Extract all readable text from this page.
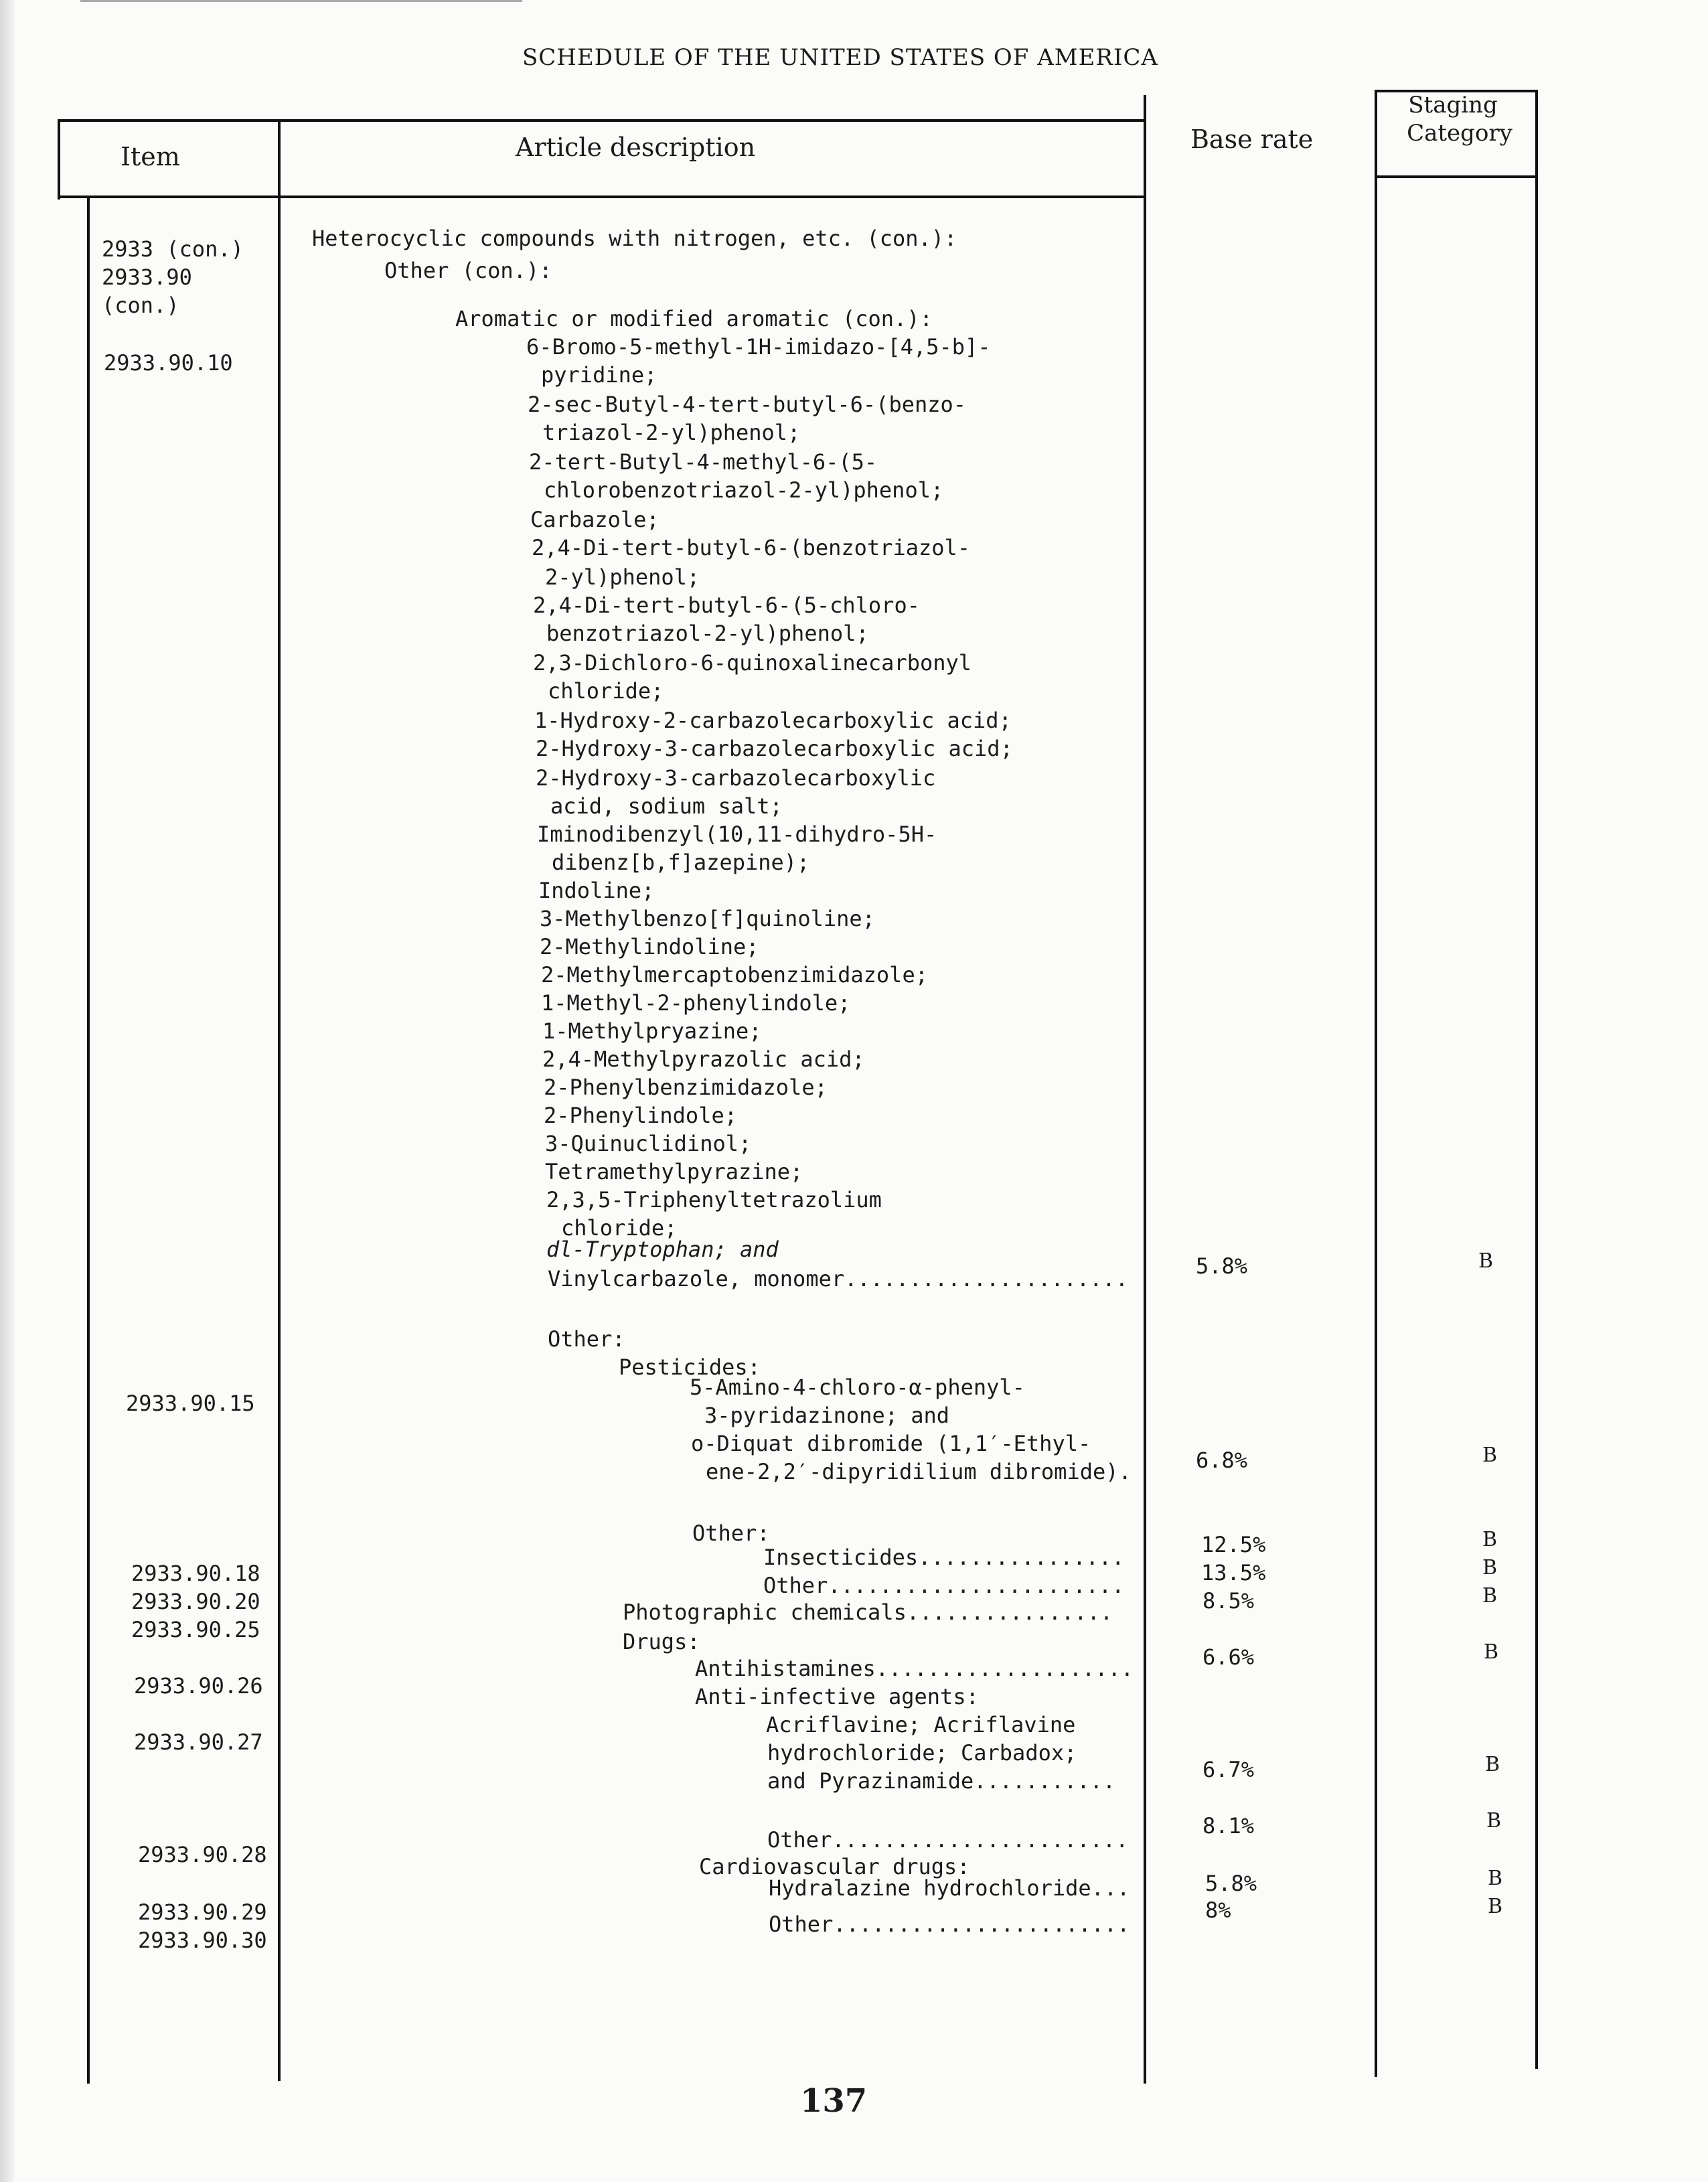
SCHEDULE OF THE UNITED STATES OF AMERICA
Item	Article description	Base rate
Staging
Category
2933 (con.)
2933.90
(con.)
2933.90.10
2933.90.15
2933.90.18
2933.90.20
2933.90.25
2933.90.26
2933.90.27
2933.90.28
2933.90.29
2933.90.30
Heterocyclic compounds with nitrogen, etc. (con.):
Other (con.):
Aromatic or modified aromatic (con.):
6-Bromo-5-methyl-1H-imidazo-[4,5-b]-
pyridine;
2-sec-Butyl-4-tert-butyl-6-(benzo-
triazol-2-yl)phenol;
2-tert-Butyl-4-methyl-6-(5-
chlorobenzotriazol-2-yl)phenol;
Carbazole;
2,4-Di-tert-butyl-6-(benzotriazol-
2-yl)phenol;
2,4-Di-tert-butyl-6-(5-chloro-
benzotriazol-2-yl)phenol;
2,3-Dichloro-6-quinoxalinecarbonyl
chloride;
1-Hydroxy-2-carbazolecarboxylic acid;
2-Hydroxy-3-carbazolecarboxylic acid;
2-Hydroxy-3-carbazolecarboxylic
acid, sodium salt;
Iminodibenzyl(10,11-dihydro-5H-
dibenz[b,f]azepine);
Indoline;
3-Methylbenzo[f]quinoline;
2-Methylindoline;
2-Methylmercaptobenzimidazole;
1-Methyl-2-phenylindole;
1-Methylpryazine;
2,4-Methylpyrazolic acid;
2-Phenylbenzimidazole;
2-Phenylindole;
3-Quinuclidinol;
Tetramethylpyrazine;
2,3,5-Triphenyltetrazolium
chloride;
dl-Tryptophan; and
Vinylcarbazole, monomer......................
Other:
Pesticides:
5-Amino-4-chloro-α-phenyl-
3-pyridazinone; and
o-Diquat dibromide (1,1′-Ethyl-
ene-2,2′-dipyridilium dibromide).
Other:
Insecticides................
Other.......................
Photographic chemicals................
Drugs:
Antihistamines....................
Anti-infective agents:
Acriflavine; Acriflavine
hydrochloride; Carbadox;
and Pyrazinamide...........
Other.......................
Cardiovascular drugs:
Hydralazine hydrochloride...
Other.......................
5.8%
6.8%
12.5%
13.5%
8.5%
6.6%
6.7%
8.1%
5.8%
8%
B
B
B
B
B
B
B
B
B
B
137
